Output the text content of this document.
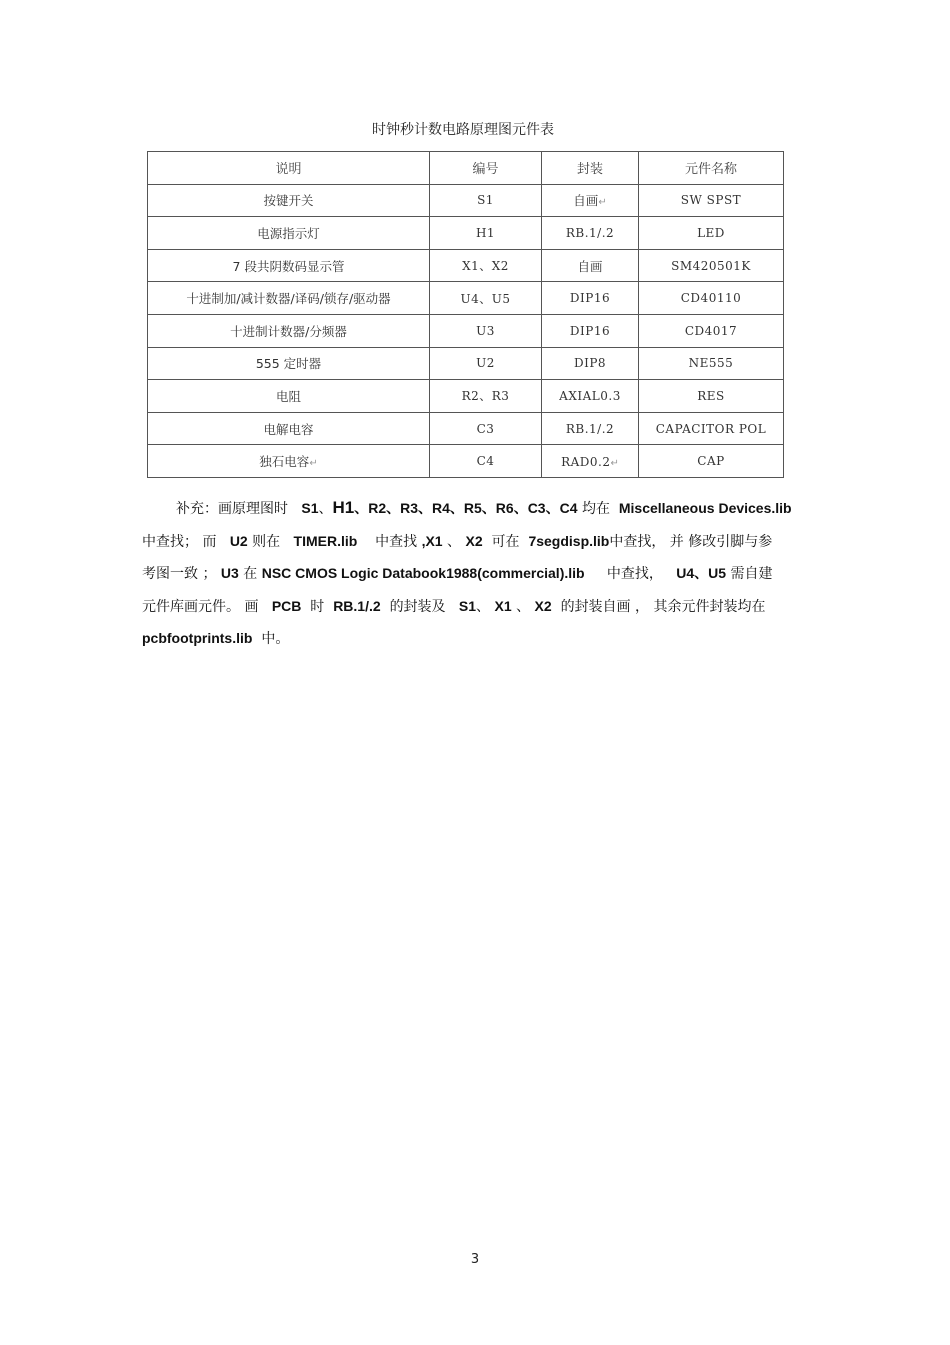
时钟秒计数电路原理图元件表
说明	编号	封装	元件名称
按键开关	S1	自画↵	SW SPST
电源指示灯	H1	RB.1/.2	LED
7 段共阴数码显示管	X1、X2	自画	SM420501K
十进制加/减计数器/译码/锁存/驱动器	U4、U5	DIP16	CD40110
十进制计数器/分频器	U3	DIP16	CD4017
555 定时器	U2	DIP8	NE555
电阻	R2、R3	AXIAL0.3	RES
电解电容	C3	RB.1/.2	CAPACITOR POL
独石电容↵	C4	RAD0.2↵	CAP

补充：画原理图时 S1、H1、R2、R3、R4、R5、R6、C3、C4 均在 Miscellaneous Devices.lib

中查找； 而 U2 则在 TIMER.lib 中查找 ,X1 、 X2 可在 7segdisp.lib中查找， 并 修改引脚与参

考图一致 ； U3 在 NSC CMOS Logic Databook1988(commercial).lib 中查找， U4、U5 需自建

元件库画元件。 画 PCB 时 RB.1/.2 的封装及 S1、 X1 、 X2 的封装自画 ， 其余元件封装均在

pcbfootprints.lib 中。

3
